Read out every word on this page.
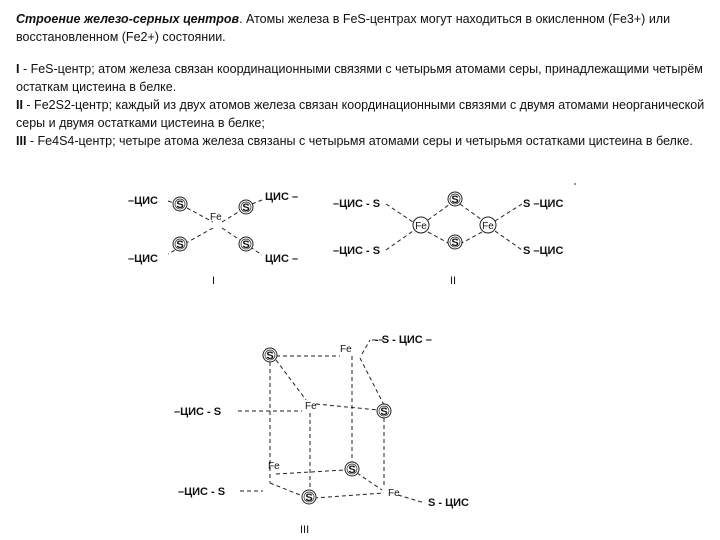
Строение железо-серных центров. Атомы железа в FeS-центрах могут находиться в окисленном (Fe3+) или восстановленном (Fe2+) состоянии.

I - FeS-центр; атом железа связан координационными связями с четырьмя атомами серы, принадлежащими четырём остаткам цистеина в белке.

II - Fe2S2-центр; каждый из двух атомов железа связан координационными связями с двумя атомами неорганической серы и двумя остатками цистеина в белке;

III - Fe4S4-центр; четыре атома железа связаны с четырьмя атомами серы и четырьмя остатками цистеина в белке.

–ЦИС	ЦИС –
–ЦИС	ЦИС –
S	S
S	S
Fe
I
–ЦИС - S
–ЦИС - S
S –ЦИС
S –ЦИС
S
S
Fe	Fe
II
–ЦИС - S
–ЦИС - S
- S - ЦИС –
S - ЦИС
S
S
S
S
Fe
Fe
Fe
Fe
III
